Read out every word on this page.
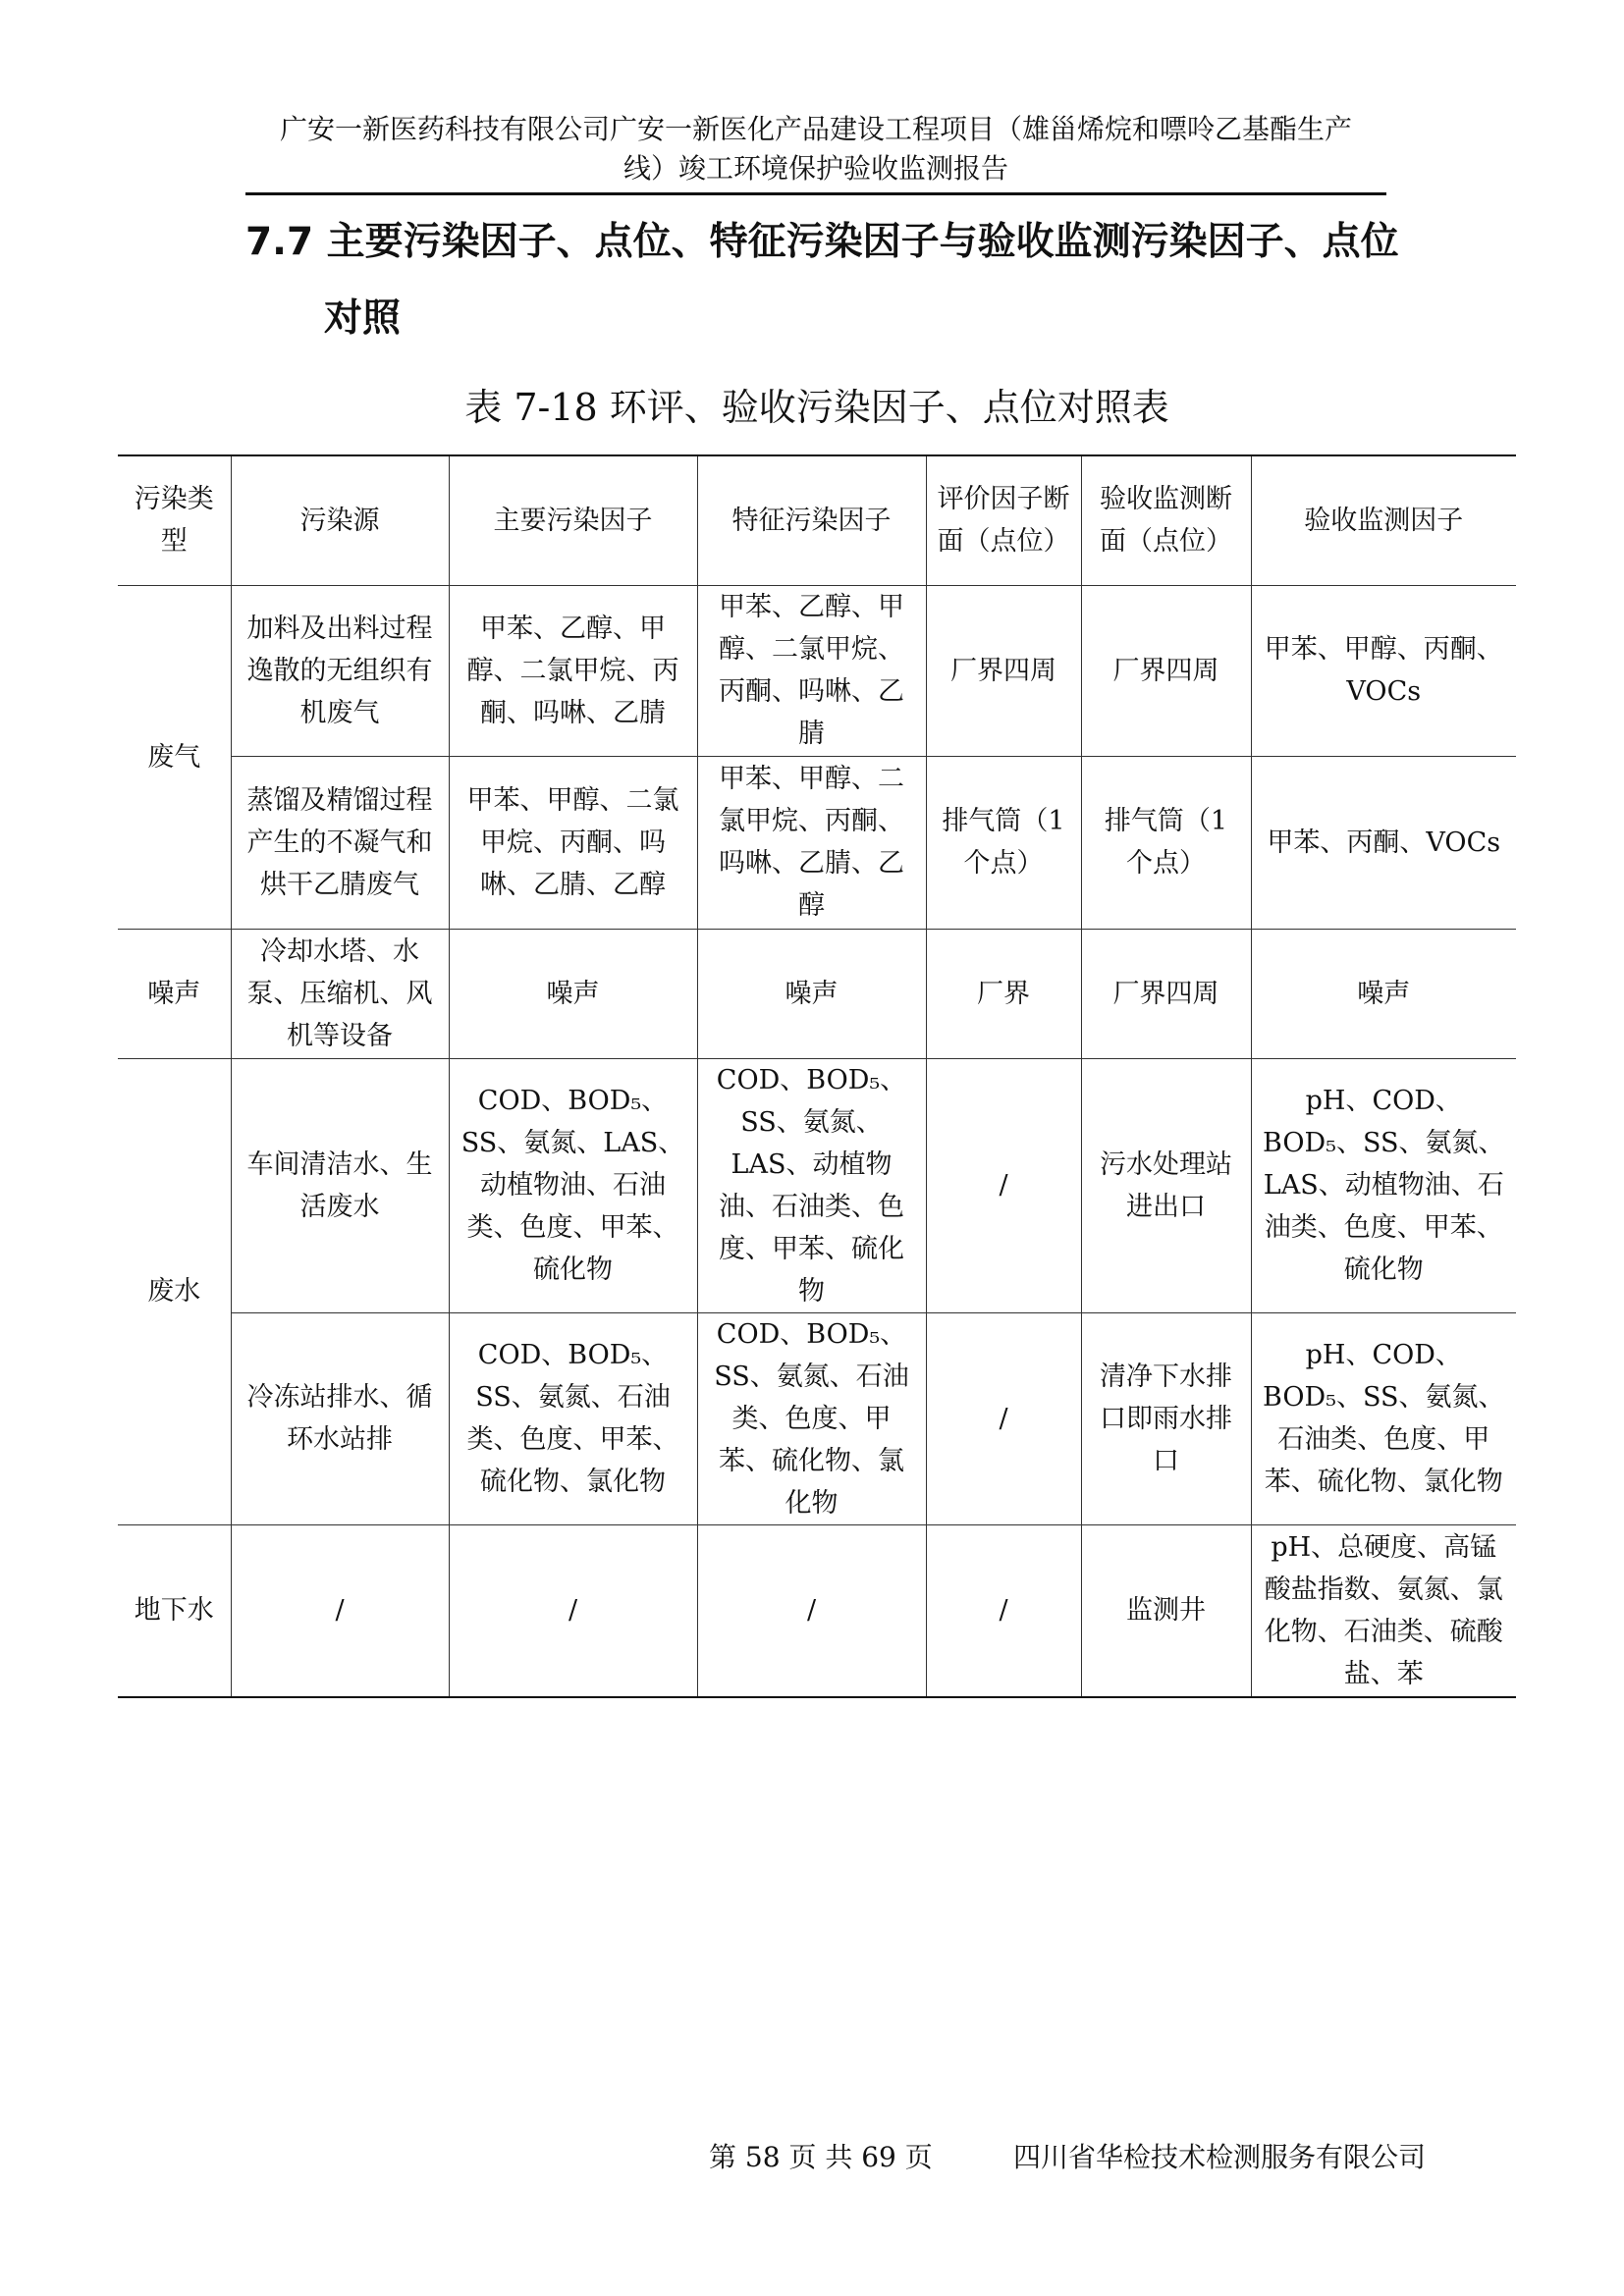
广安一新医药科技有限公司广安一新医化产品建设工程项目（雄甾烯烷和嘌呤乙基酯生产
线）竣工环境保护验收监测报告
7.7 主要污染因子、点位、特征污染因子与验收监测污染因子、点位
对照
表 7-18 环评、验收污染因子、点位对照表
污染类型	污染源	主要污染因子	特征污染因子	评价因子断面（点位）	验收监测断面（点位）	验收监测因子
废气	加料及出料过程逸散的无组织有机废气	甲苯、乙醇、甲醇、二氯甲烷、丙酮、吗啉、乙腈	甲苯、乙醇、甲醇、二氯甲烷、丙酮、吗啉、乙腈	厂界四周	厂界四周	甲苯、甲醇、丙酮、VOCs
	蒸馏及精馏过程产生的不凝气和烘干乙腈废气	甲苯、甲醇、二氯甲烷、丙酮、吗啉、乙腈、乙醇	甲苯、甲醇、二氯甲烷、丙酮、吗啉、乙腈、乙醇	排气筒（1个点）	排气筒（1个点）	甲苯、丙酮、VOCs
噪声	冷却水塔、水泵、压缩机、风机等设备	噪声	噪声	厂界	厂界四周	噪声
废水	车间清洁水、生活废水	COD、BOD₅、SS、氨氮、LAS、动植物油、石油类、色度、甲苯、硫化物	COD、BOD₅、SS、氨氮、LAS、动植物油、石油类、色度、甲苯、硫化物	/	污水处理站进出口	pH、COD、BOD₅、SS、氨氮、LAS、动植物油、石油类、色度、甲苯、硫化物
	冷冻站排水、循环水站排	COD、BOD₅、SS、氨氮、石油类、色度、甲苯、硫化物、氯化物	COD、BOD₅、SS、氨氮、石油类、色度、甲苯、硫化物、氯化物	/	清净下水排口即雨水排口	pH、COD、BOD₅、SS、氨氮、石油类、色度、甲苯、硫化物、氯化物
地下水	/	/	/	/	监测井	pH、总硬度、高锰酸盐指数、氨氮、氯化物、石油类、硫酸盐、苯
第 58 页 共 69 页	四川省华检技术检测服务有限公司
